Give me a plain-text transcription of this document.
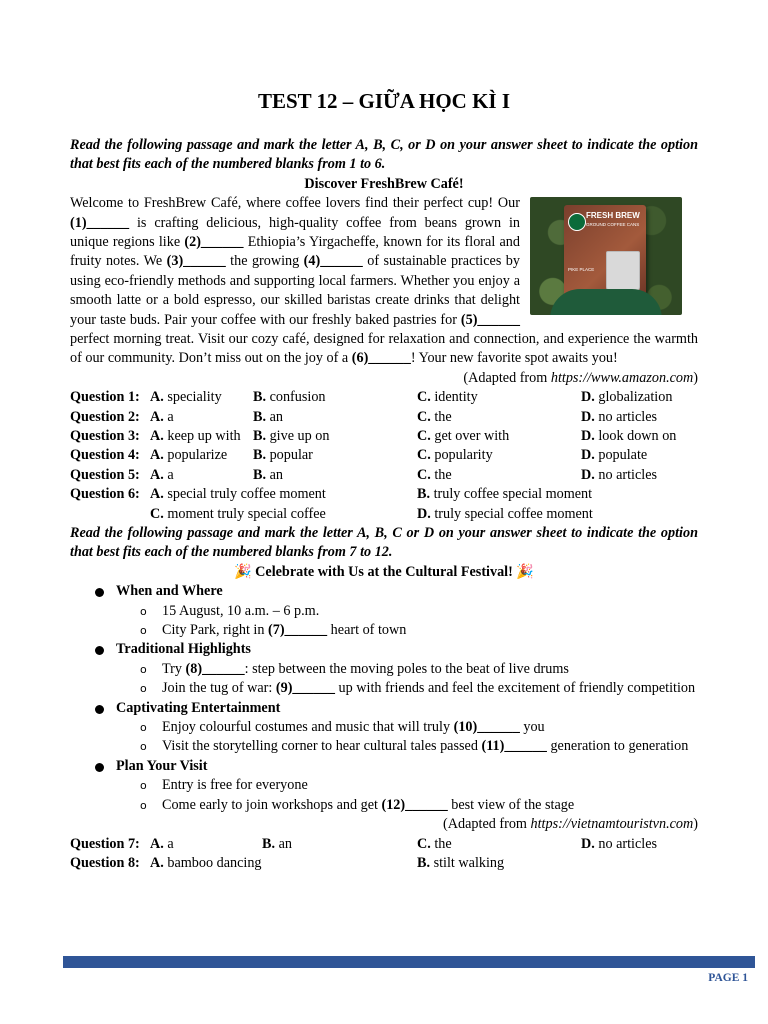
TEST 12 – GIỮA HỌC KÌ I

Read the following passage and mark the letter A, B, C, or D on your answer sheet to indicate the option that best fits each of the numbered blanks from 1 to 6.

Discover FreshBrew Café!

FRESH BREW
GROUND COFFEE CANS
PIKE PLACE
Welcome to FreshBrew Café, where coffee lovers find their perfect cup! Our (1)______ is crafting delicious, high-quality coffee from beans grown in unique regions like (2)______ Ethiopia’s Yirgacheffe, known for its floral and fruity notes. We (3)______ the growing (4)______ of sustainable practices by using eco-friendly methods and supporting local farmers. Whether you enjoy a smooth latte or a bold espresso, our skilled baristas create drinks that delight your taste buds. Pair your coffee with our freshly baked pastries for (5)______ perfect morning treat. Visit our cozy café, designed for relaxation and connection, and experience the warmth of our community. Don’t miss out on the joy of a (6)______! Your new favorite spot awaits you!

(Adapted from https://www.amazon.com)

Question 1: A. speciality B. confusion	C. identity	D. globalization
Question 2: A. a	B. an	C. the	D. no articles
Question 3: A. keep up with B. give up on	C. get over with	D. look down on
Question 4: A. popularize B. popular	C. popularity	D. populate
Question 5: A. a	B. an	C. the	D. no articles
Question 6: A. special truly coffee moment	B. truly coffee special moment
C. moment truly special coffee	D. truly special coffee moment

Read the following passage and mark the letter A, B, C or D on your answer sheet to indicate the option that best fits each of the numbered blanks from 7 to 12.

🎉 Celebrate with Us at the Cultural Festival! 🎉

When and Where
o 15 August, 10 a.m. – 6 p.m.
o City Park, right in (7)______ heart of town
Traditional Highlights
o Try (8)______: step between the moving poles to the beat of live drums
o Join the tug of war: (9)______ up with friends and feel the excitement of friendly competition
Captivating Entertainment
o Enjoy colourful costumes and music that will truly (10)______ you
o Visit the storytelling corner to hear cultural tales passed (11)______ generation to generation
Plan Your Visit
o Entry is free for everyone
o Come early to join workshops and get (12)______ best view of the stage

(Adapted from https://vietnamtouristvn.com)

Question 7: A. a	B. an	C. the	D. no articles
Question 8: A. bamboo dancing	B. stilt walking
PAGE 1
